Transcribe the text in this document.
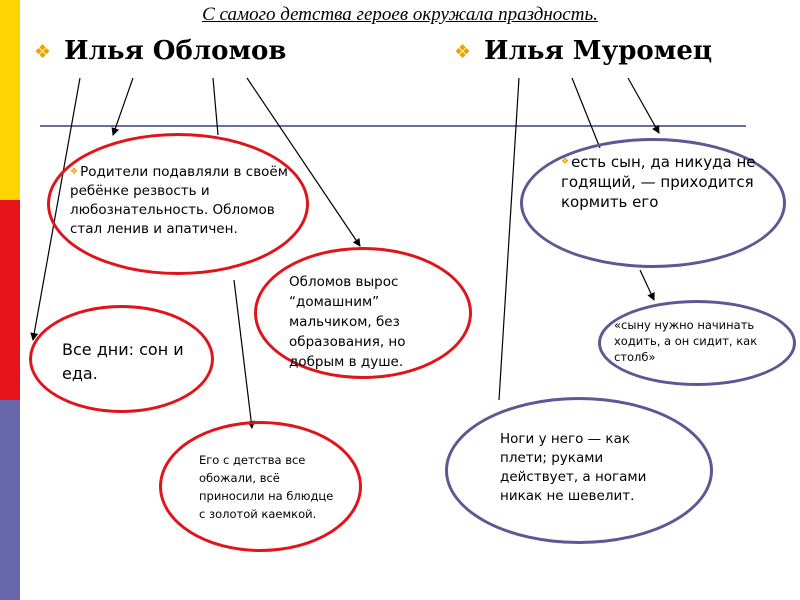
С самого детства героев окружала праздность.
❖ Илья Обломов	❖ Илья Муромец
❖ Родители подавляли в своём ребёнке резвость и любознательность. Обломов стал ленив и апатичен.
Обломов вырос “домашним” мальчиком, без образования, но добрым в душе.
Все дни: сон и еда.
Его с детства все обожали, всё приносили на блюдце с золотой каемкой.
❖ есть сын, да никуда не годящий, — приходится кормить его
«сыну нужно начинать ходить, а он сидит, как столб»
Ноги у него — как плети; руками действует, а ногами никак не шевелит.
